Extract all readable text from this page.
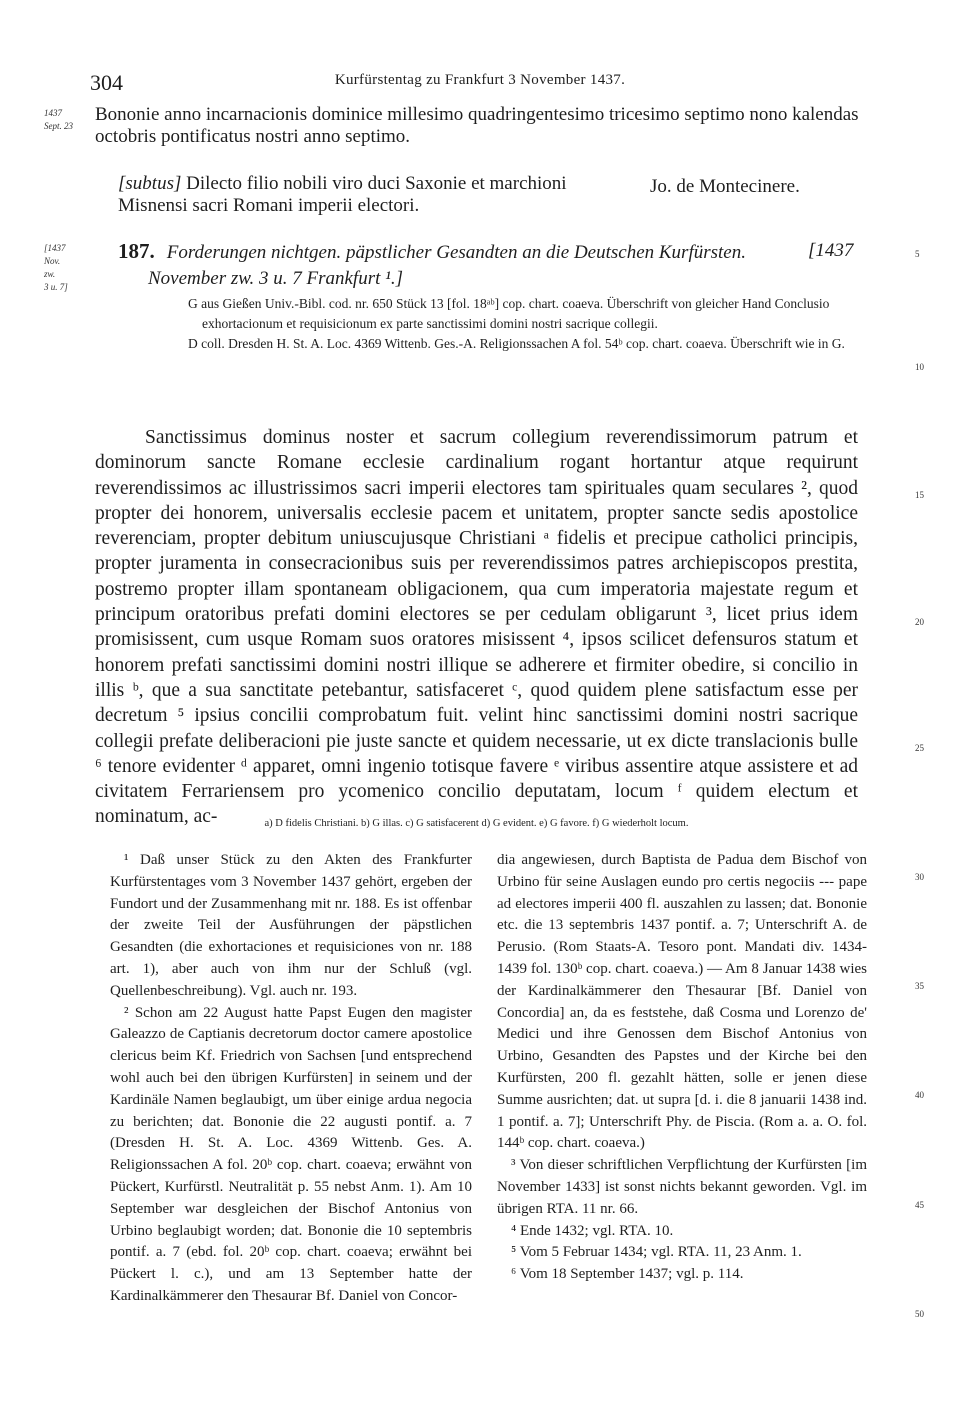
304	Kurfürstentag zu Frankfurt 3 November 1437.
1437
Sept. 23
[1437
Nov.
zw.
3 u. 7]
5
10
15
20
25
30
35
40
45
50
Bononie anno incarnacionis dominice millesimo quadringentesimo tricesimo septimo nono kalendas octobris pontificatus nostri anno septimo.
[subtus] Dilecto filio nobili viro duci Saxonie et marchioni Misnensi sacri Romani imperii electori.
Jo. de Montecinere.
187. Forderungen nichtgen. päpstlicher Gesandten an die Deutschen Kurfürsten.	[1437
November zw. 3 u. 7 Frankfurt ¹.]

G aus Gießen Univ.-Bibl. cod. nr. 650 Stück 13 [fol. 18ᵃᵇ] cop. chart. coaeva. Überschrift von gleicher Hand Conclusio exhortacionum et requisicionum ex parte sanctissimi domini nostri sacrique collegii.

D coll. Dresden H. St. A. Loc. 4369 Wittenb. Ges.-A. Religionssachen A fol. 54ᵇ cop. chart. coaeva. Überschrift wie in G.

Sanctissimus dominus noster et sacrum collegium reverendissimorum patrum et dominorum sancte Romane ecclesie cardinalium rogant hortantur atque requirunt reverendissimos ac illustrissimos sacri imperii electores tam spirituales quam seculares ², quod propter dei honorem, universalis ecclesie pacem et unitatem, propter sancte sedis apostolice reverenciam, propter debitum uniuscujusque Christiani ᵃ fidelis et precipue catholici principis, propter juramenta in consecracionibus suis per reverendissimos patres archiepiscopos prestita, postremo propter illam spontaneam obligacionem, qua cum imperatoria majestate regum et principum oratoribus prefati domini electores se per cedulam obligarunt ³, licet prius idem promisissent, cum usque Romam suos oratores misissent ⁴, ipsos scilicet defensuros statum et honorem prefati sanctissimi domini nostri illique se adherere et firmiter obedire, si concilio in illis ᵇ, que a sua sanctitate petebantur, satisfaceret ᶜ, quod quidem plene satisfactum esse per decretum ⁵ ipsius concilii comprobatum fuit. velint hinc sanctissimi domini nostri sacrique collegii prefate deliberacioni pie juste sancte et quidem necessarie, ut ex dicte translacionis bulle ⁶ tenore evidenter ᵈ apparet, omni ingenio totisque favere ᵉ viribus assentire atque assistere et ad civitatem Ferrariensem pro ycomenico concilio deputatam, locum ᶠ quidem electum et nominatum, ac-	a) D fidelis Christiani. b) G illas. c) G satisfacerent d) G evident. e) G favore. f) G wiederholt locum.

¹ Daß unser Stück zu den Akten des Frankfurter Kurfürstentages vom 3 November 1437 gehört, ergeben der Fundort und der Zusammenhang mit nr. 188. Es ist offenbar der zweite Teil der Ausführungen der päpstlichen Gesandten (die exhortaciones et requisiciones von nr. 188 art. 1), aber auch von ihm nur der Schluß (vgl. Quellenbeschreibung). Vgl. auch nr. 193.

² Schon am 22 August hatte Papst Eugen den magister Galeazzo de Captianis decretorum doctor camere apostolice clericus beim Kf. Friedrich von Sachsen [und entsprechend wohl auch bei den übrigen Kurfürsten] in seinem und der Kardinäle Namen beglaubigt, um über einige ardua negocia zu berichten; dat. Bononie die 22 augusti pontif. a. 7 (Dresden H. St. A. Loc. 4369 Wittenb. Ges. A. Religionssachen A fol. 20ᵇ cop. chart. coaeva; erwähnt von Pückert, Kurfürstl. Neutralität p. 55 nebst Anm. 1). Am 10 September war desgleichen der Bischof Antonius von Urbino beglaubigt worden; dat. Bononie die 10 septembris pontif. a. 7 (ebd. fol. 20ᵇ cop. chart. coaeva; erwähnt bei Pückert l. c.), und am 13 September hatte der Kardinalkämmerer den Thesaurar Bf. Daniel von Concor-

dia angewiesen, durch Baptista de Padua dem Bischof von Urbino für seine Auslagen eundo pro certis negociis --- pape ad electores imperii 400 fl. auszahlen zu lassen; dat. Bononie etc. die 13 septembris 1437 pontif. a. 7; Unterschrift A. de Perusio. (Rom Staats-A. Tesoro pont. Mandati div. 1434-1439 fol. 130ᵇ cop. chart. coaeva.) — Am 8 Januar 1438 wies der Kardinalkämmerer den Thesaurar [Bf. Daniel von Concordia] an, da es feststehe, daß Cosma und Lorenzo de' Medici und ihre Genossen dem Bischof Antonius von Urbino, Gesandten des Papstes und der Kirche bei den Kurfürsten, 200 fl. gezahlt hätten, solle er jenen diese Summe ausrichten; dat. ut supra [d. i. die 8 januarii 1438 ind. 1 pontif. a. 7]; Unterschrift Phy. de Piscia. (Rom a. a. O. fol. 144ᵇ cop. chart. coaeva.)

³ Von dieser schriftlichen Verpflichtung der Kurfürsten [im November 1433] ist sonst nichts bekannt geworden. Vgl. im übrigen RTA. 11 nr. 66.

⁴ Ende 1432; vgl. RTA. 10.

⁵ Vom 5 Februar 1434; vgl. RTA. 11, 23 Anm. 1.

⁶ Vom 18 September 1437; vgl. p. 114.
